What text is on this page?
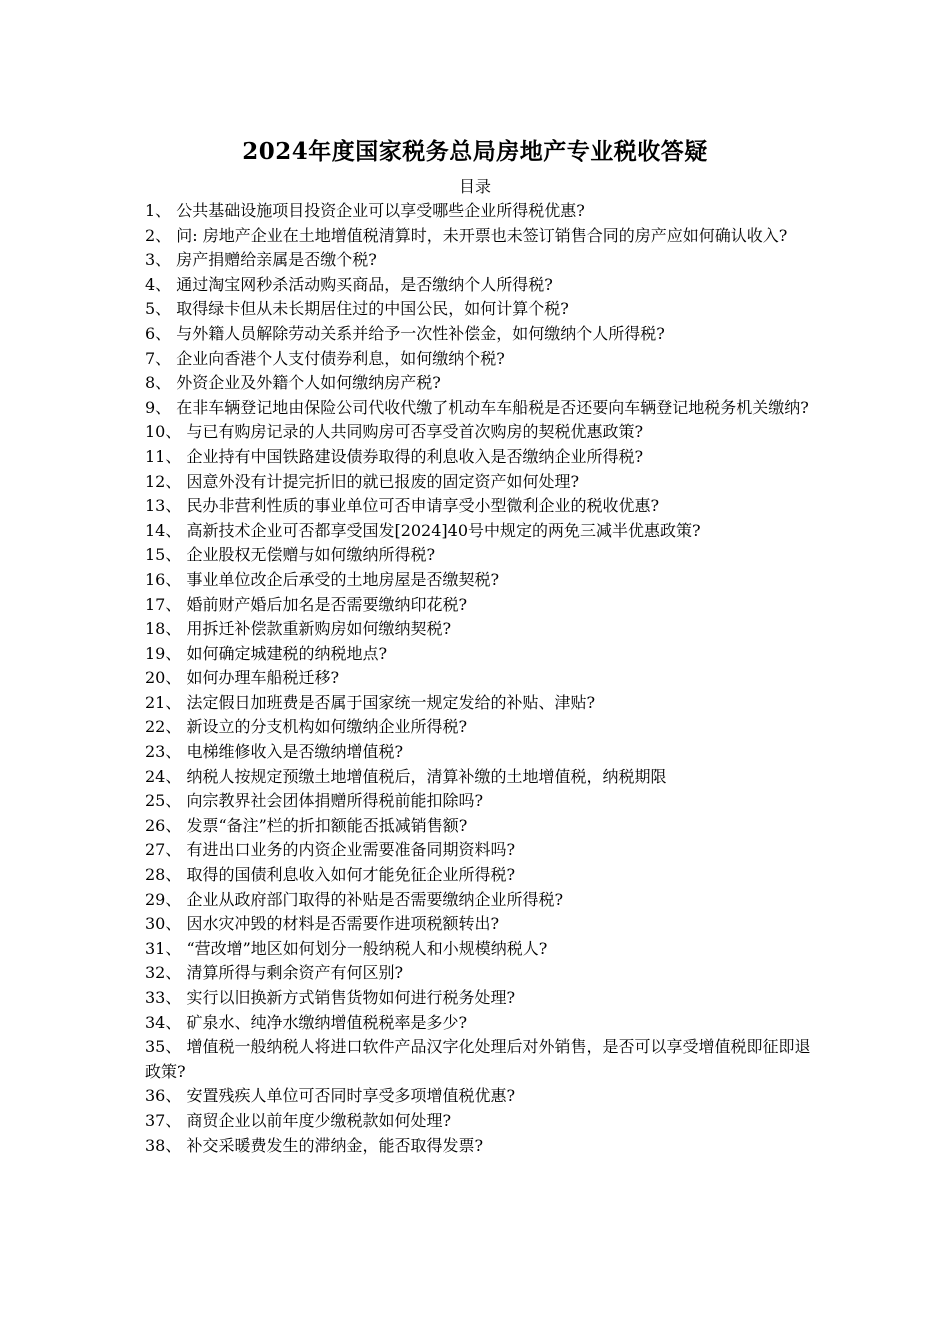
2024年度国家税务总局房地产专业税收答疑
目录
1、 公共基础设施项目投资企业可以享受哪些企业所得税优惠?
2、 问: 房地产企业在土地增值税清算时，未开票也未签订销售合同的房产应如何确认收入?
3、 房产捐赠给亲属是否缴个税?
4、 通过淘宝网秒杀活动购买商品，是否缴纳个人所得税?
5、 取得绿卡但从未长期居住过的中国公民，如何计算个税?
6、 与外籍人员解除劳动关系并给予一次性补偿金，如何缴纳个人所得税?
7、 企业向香港个人支付债券利息，如何缴纳个税?
8、 外资企业及外籍个人如何缴纳房产税?
9、 在非车辆登记地由保险公司代收代缴了机动车车船税是否还要向车辆登记地税务机关缴纳?
10、 与已有购房记录的人共同购房可否享受首次购房的契税优惠政策?
11、 企业持有中国铁路建设债券取得的利息收入是否缴纳企业所得税?
12、 因意外没有计提完折旧的就已报废的固定资产如何处理?
13、 民办非营利性质的事业单位可否申请享受小型微利企业的税收优惠?
14、 高新技术企业可否都享受国发[2024]40号中规定的两免三减半优惠政策?
15、 企业股权无偿赠与如何缴纳所得税?
16、 事业单位改企后承受的土地房屋是否缴契税?
17、 婚前财产婚后加名是否需要缴纳印花税?
18、 用拆迁补偿款重新购房如何缴纳契税?
19、 如何确定城建税的纳税地点?
20、 如何办理车船税迁移?
21、 法定假日加班费是否属于国家统一规定发给的补贴、津贴?
22、 新设立的分支机构如何缴纳企业所得税?
23、 电梯维修收入是否缴纳增值税?
24、 纳税人按规定预缴土地增值税后，清算补缴的土地增值税，纳税期限
25、 向宗教界社会团体捐赠所得税前能扣除吗?
26、 发票“备注”栏的折扣额能否抵减销售额?
27、 有进出口业务的内资企业需要准备同期资料吗?
28、 取得的国债利息收入如何才能免征企业所得税?
29、 企业从政府部门取得的补贴是否需要缴纳企业所得税?
30、 因水灾冲毁的材料是否需要作进项税额转出?
31、 “营改增”地区如何划分一般纳税人和小规模纳税人?
32、 清算所得与剩余资产有何区别?
33、 实行以旧换新方式销售货物如何进行税务处理?
34、 矿泉水、纯净水缴纳增值税税率是多少?
35、 增值税一般纳税人将进口软件产品汉字化处理后对外销售，是否可以享受增值税即征即退政策?
36、 安置残疾人单位可否同时享受多项增值税优惠?
37、 商贸企业以前年度少缴税款如何处理?
38、 补交采暖费发生的滞纳金，能否取得发票?
